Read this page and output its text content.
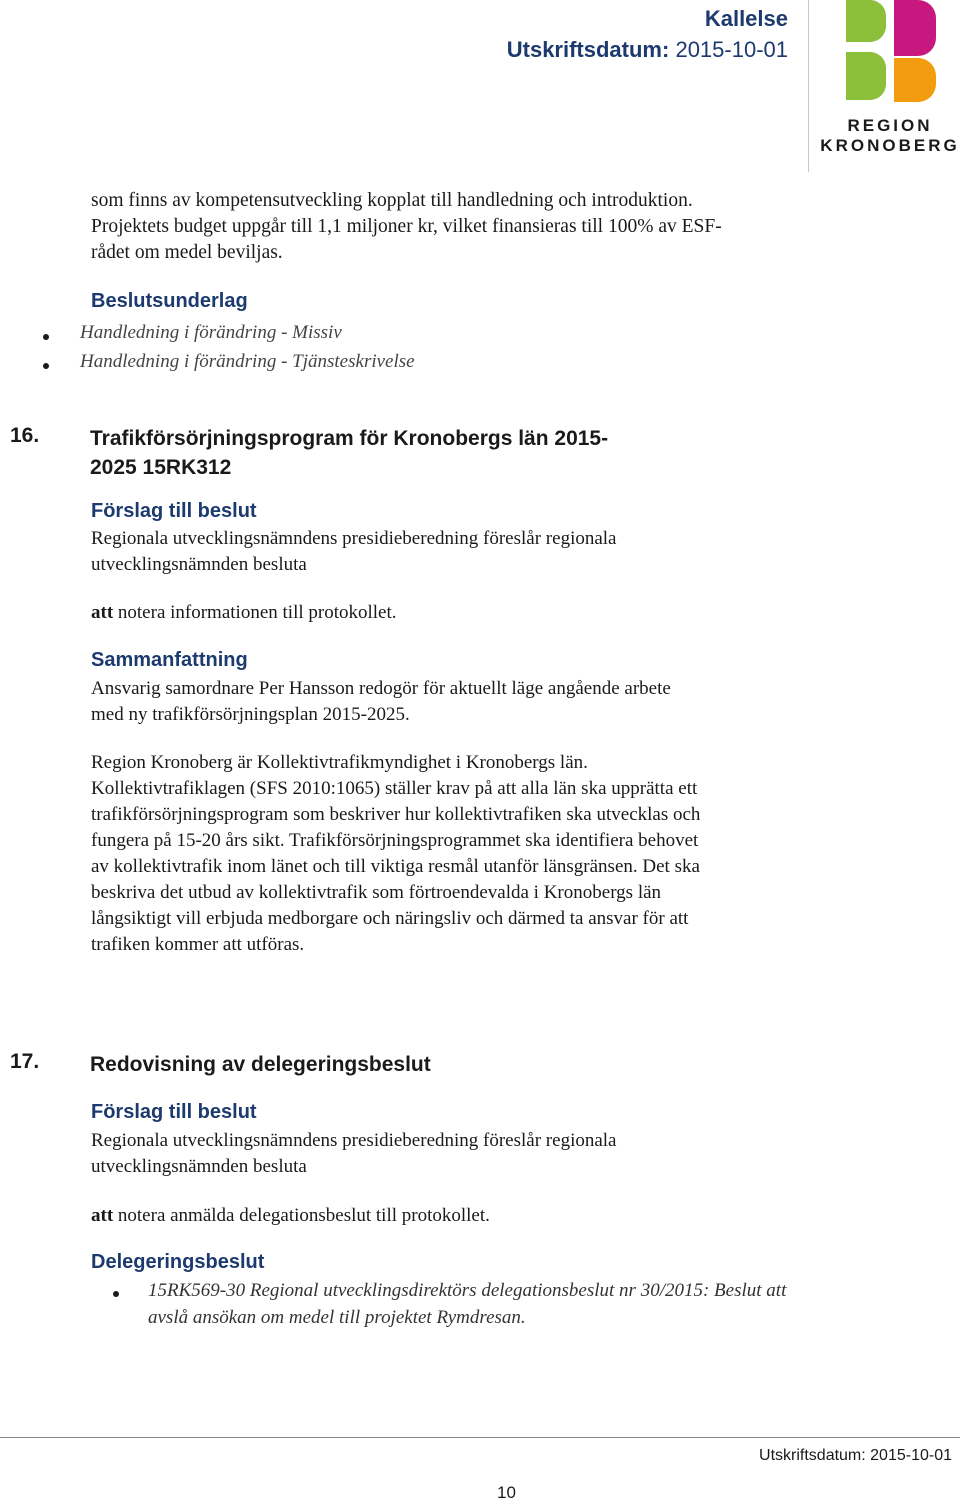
Kallelse
Utskriftsdatum: 2015-10-01
REGION
KRONOBERG
som finns av kompetensutveckling kopplat till handledning och introduktion.
Projektets budget uppgår till 1,1 miljoner kr, vilket finansieras till 100% av ESF-
rådet om medel beviljas.
Beslutsunderlag
Handledning i förändring - Missiv
Handledning i förändring - Tjänsteskrivelse
16. Trafikförsörjningsprogram för Kronobergs län 2015-
2025 15RK312
Förslag till beslut
Regionala utvecklingsnämndens presidieberedning föreslår regionala
utvecklingsnämnden besluta
att notera informationen till protokollet.
Sammanfattning
Ansvarig samordnare Per Hansson redogör för aktuellt läge angående arbete
med ny trafikförsörjningsplan 2015-2025.
Region Kronoberg är Kollektivtrafikmyndighet i Kronobergs län.
Kollektivtrafiklagen (SFS 2010:1065) ställer krav på att alla län ska upprätta ett
trafikförsörjningsprogram som beskriver hur kollektivtrafiken ska utvecklas och
fungera på 15-20 års sikt. Trafikförsörjningsprogrammet ska identifiera behovet
av kollektivtrafik inom länet och till viktiga resmål utanför länsgränsen. Det ska
beskriva det utbud av kollektivtrafik som förtroendevalda i Kronobergs län
långsiktigt vill erbjuda medborgare och näringsliv och därmed ta ansvar för att
trafiken kommer att utföras.
17. Redovisning av delegeringsbeslut
Förslag till beslut
Regionala utvecklingsnämndens presidieberedning föreslår regionala
utvecklingsnämnden besluta
att notera anmälda delegationsbeslut till protokollet.
Delegeringsbeslut
15RK569-30 Regional utvecklingsdirektörs delegationsbeslut nr 30/2015: Beslut att
avslå ansökan om medel till projektet Rymdresan.
Utskriftsdatum: 2015-10-01
10
